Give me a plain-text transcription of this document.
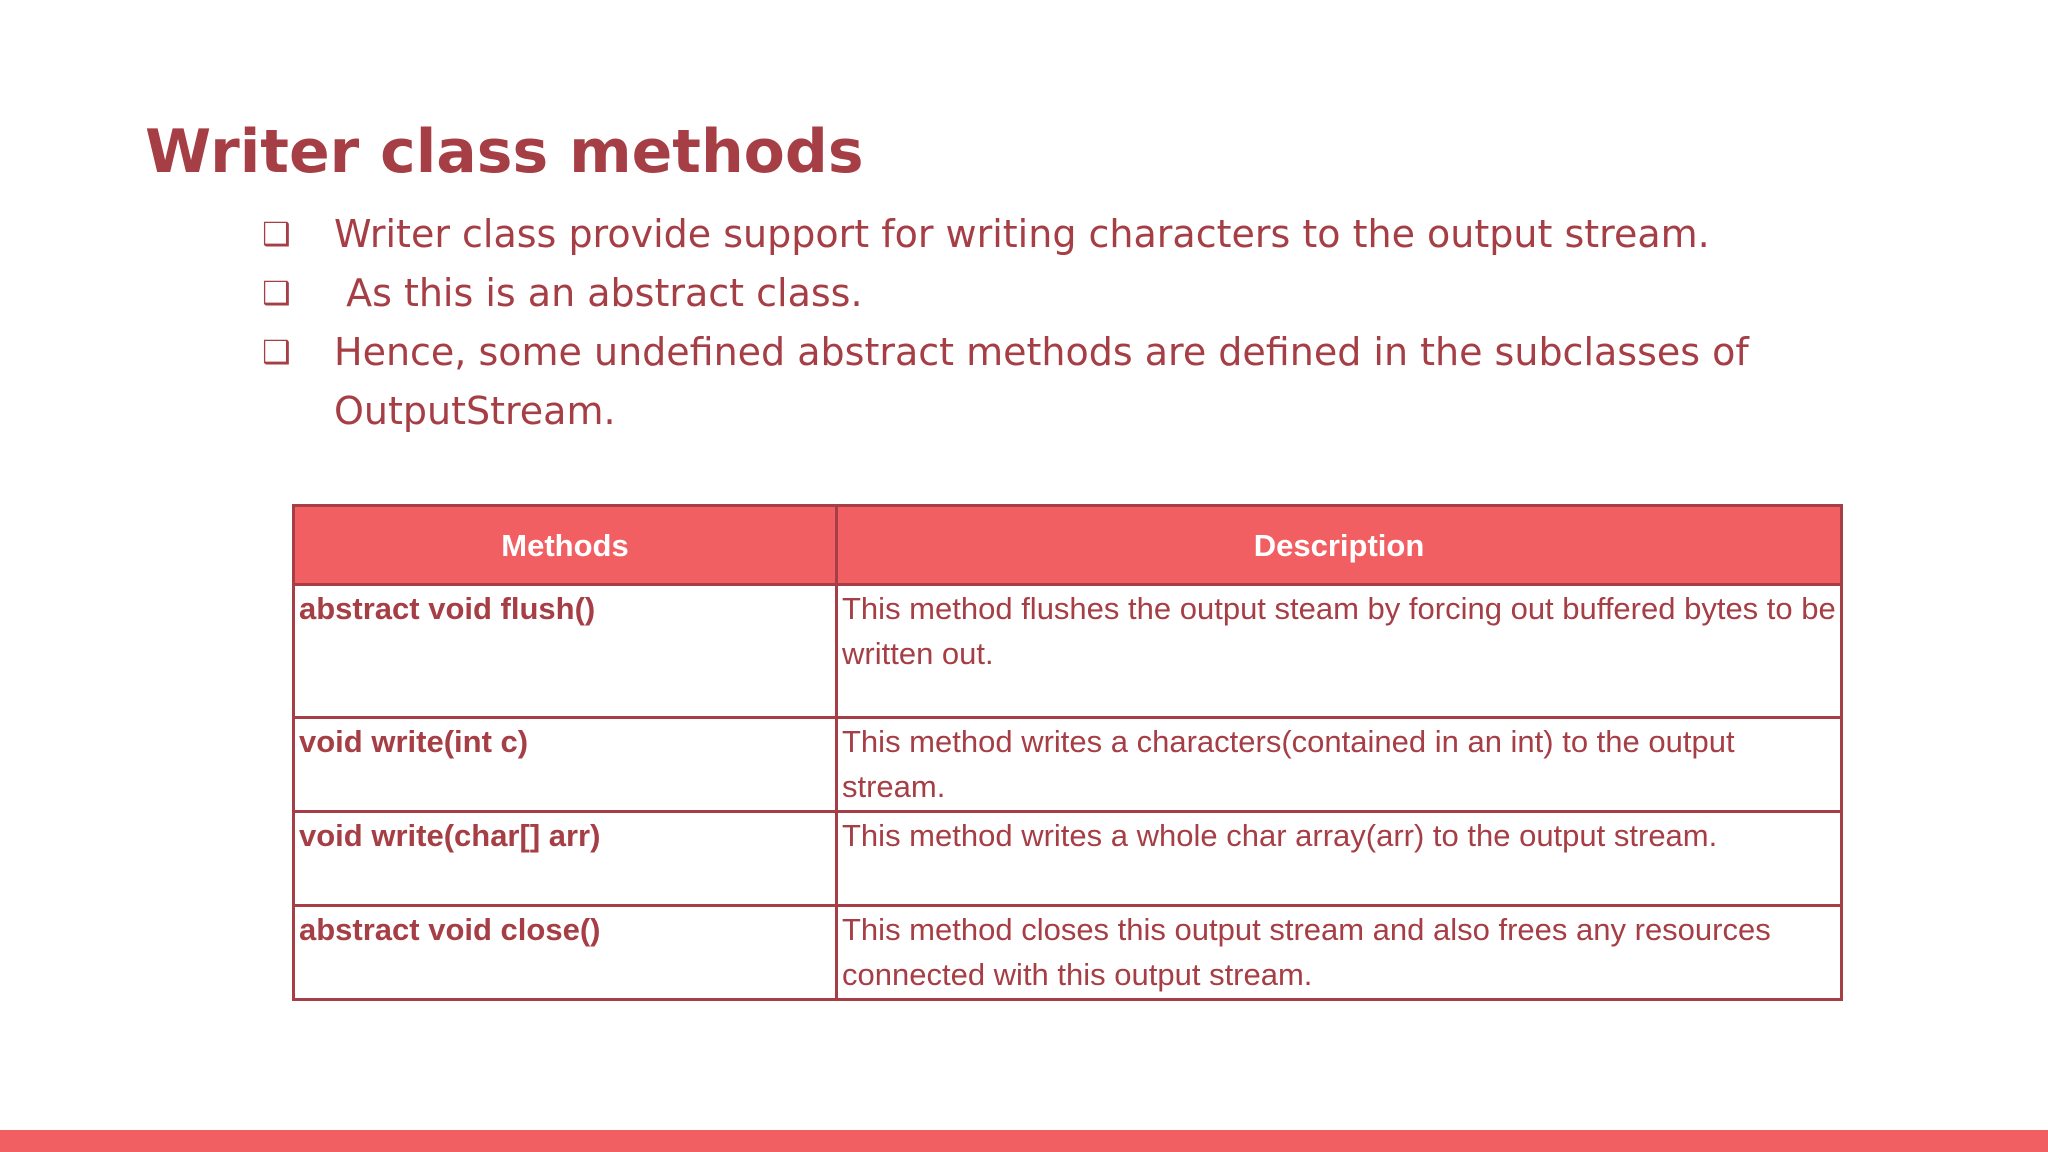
Writer class methods
❑	Writer class provide support for writing characters to the output stream.
❑	As this is an abstract class.
❑	Hence, some undefined abstract methods are defined in the subclasses of OutputStream.
Methods	Description
abstract void flush()	This method flushes the output steam by forcing out buffered bytes to be written out.
void write(int c)	This method writes a characters(contained in an int) to the output stream.
void write(char[] arr)	This method writes a whole char array(arr) to the output stream.
abstract void close()	This method closes this output stream and also frees any resources connected with this output stream.
